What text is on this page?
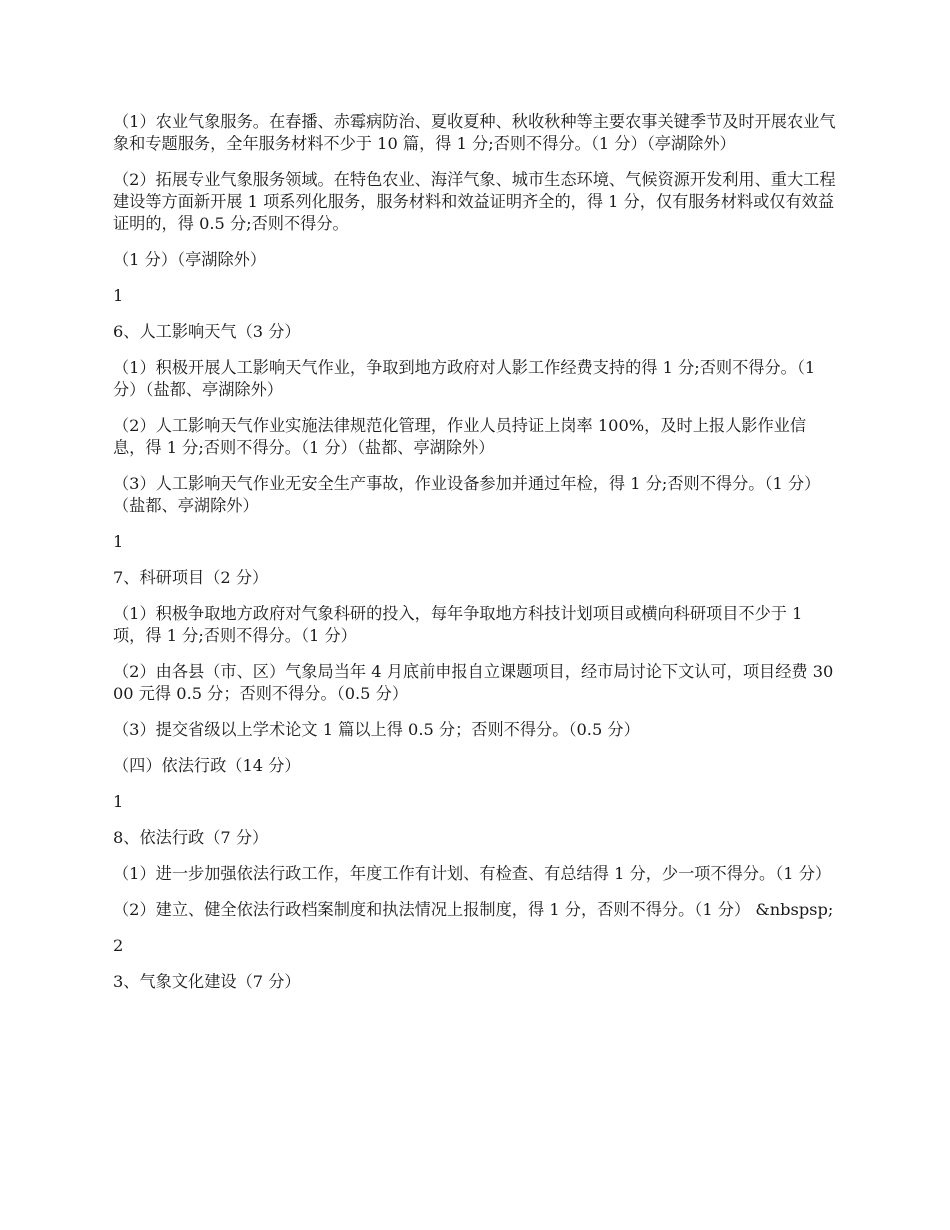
（1）农业气象服务。在春播、赤霉病防治、夏收夏种、秋收秋种等主要农事关键季节及时开展农业气象和专题服务，全年服务材料不少于 10 篇，得 1 分;否则不得分。（1 分）（亭湖除外）

（2）拓展专业气象服务领域。在特色农业、海洋气象、城市生态环境、气候资源开发利用、重大工程建设等方面新开展 1 项系列化服务，服务材料和效益证明齐全的，得 1 分，仅有服务材料或仅有效益证明的，得 0.5 分;否则不得分。

（1 分）（亭湖除外）

1

6、人工影响天气（3 分）

（1）积极开展人工影响天气作业，争取到地方政府对人影工作经费支持的得 1 分;否则不得分。（1 分）（盐都、亭湖除外）

（2）人工影响天气作业实施法律规范化管理，作业人员持证上岗率 100%，及时上报人影作业信息，得 1 分;否则不得分。（1 分）（盐都、亭湖除外）

（3）人工影响天气作业无安全生产事故，作业设备参加并通过年检，得 1 分;否则不得分。（1 分）（盐都、亭湖除外）

1

7、科研项目（2 分）

（1）积极争取地方政府对气象科研的投入，每年争取地方科技计划项目或横向科研项目不少于 1 项，得 1 分;否则不得分。（1 分）

（2）由各县（市、区）气象局当年 4 月底前申报自立课题项目，经市局讨论下文认可，项目经费 3000 元得 0.5 分；否则不得分。（0.5 分）

（3）提交省级以上学术论文 1 篇以上得 0.5 分；否则不得分。（0.5 分）

（四）依法行政（14 分）

1

8、依法行政（7 分）

（1）进一步加强依法行政工作，年度工作有计划、有检查、有总结得 1 分，少一项不得分。（1 分）

（2）建立、健全依法行政档案制度和执法情况上报制度，得 1 分，否则不得分。（1 分） &nbspsp;

2

3、气象文化建设（7 分）
